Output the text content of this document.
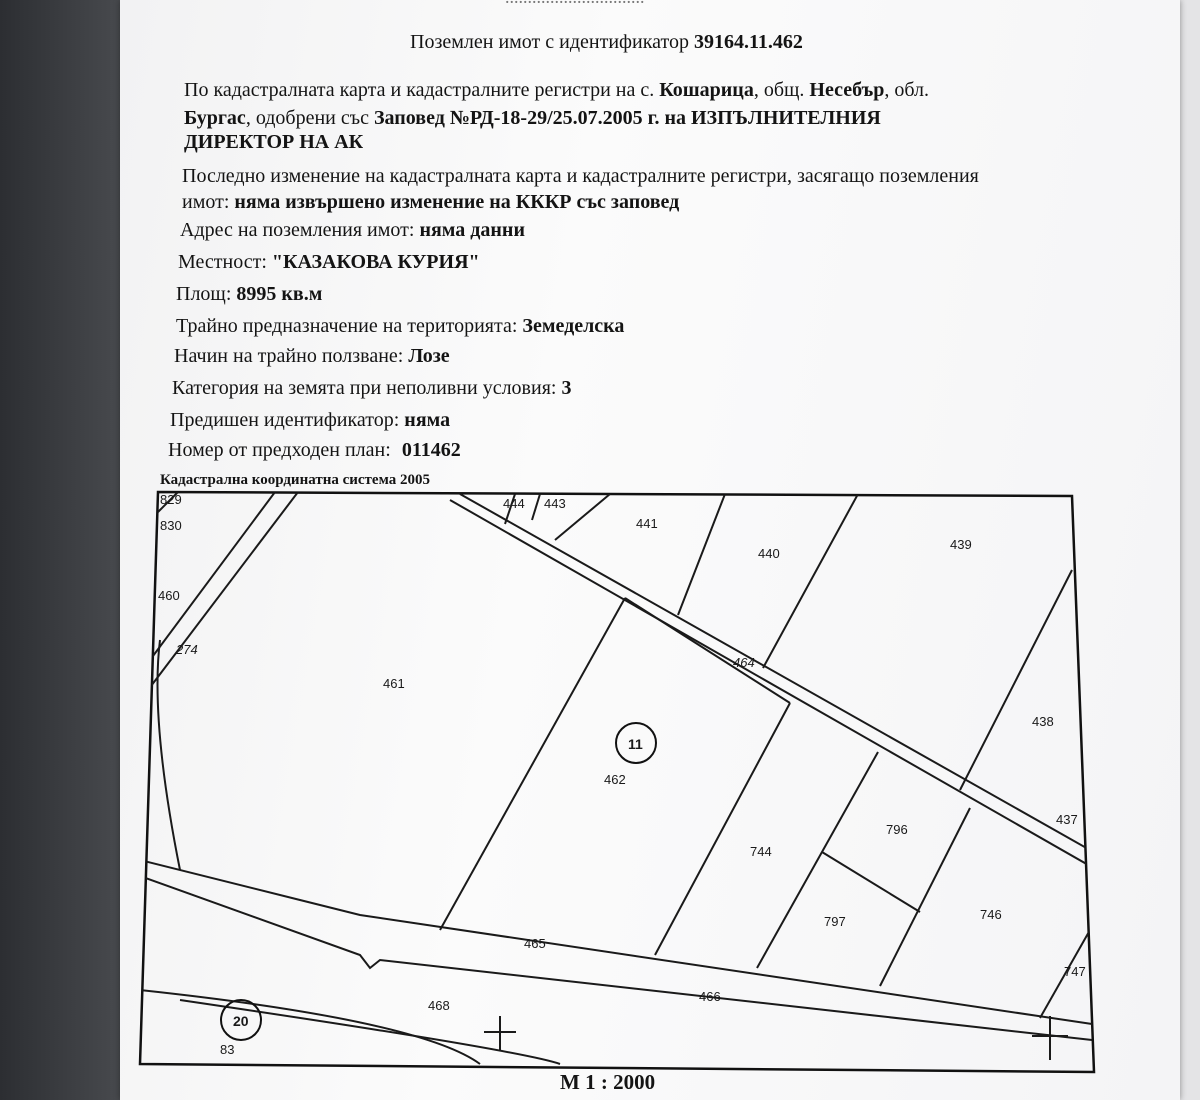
Поземлен имот с идентификатор 39164.11.462
По кадастралната карта и кадастралните регистри на с. Кошарица, общ. Несебър, обл.
Бургас, одобрени със Заповед №РД-18-29/25.07.2005 г. на ИЗПЪЛНИТЕЛНИЯ
ДИРЕКТОР НА АК
Последно изменение на кадастралната карта и кадастралните регистри, засягащо поземления
имот: няма извършено изменение на КККР със заповед
Адрес на поземления имот: няма данни
Местност: "КАЗАКОВА КУРИЯ"
Площ: 8995 кв.м
Трайно предназначение на територията: Земеделска
Начин на трайно ползване: Лозе
Категория на земята при неполивни условия: 3
Предишен идентификатор: няма
Номер от предходен план: 011462
Кадастрална координатна система 2005
829
830
460
274
461
444 443
441
440
439
464
438
11
462
744
796
437
797	746
465
466
747
468
20
83
М 1 : 2000
